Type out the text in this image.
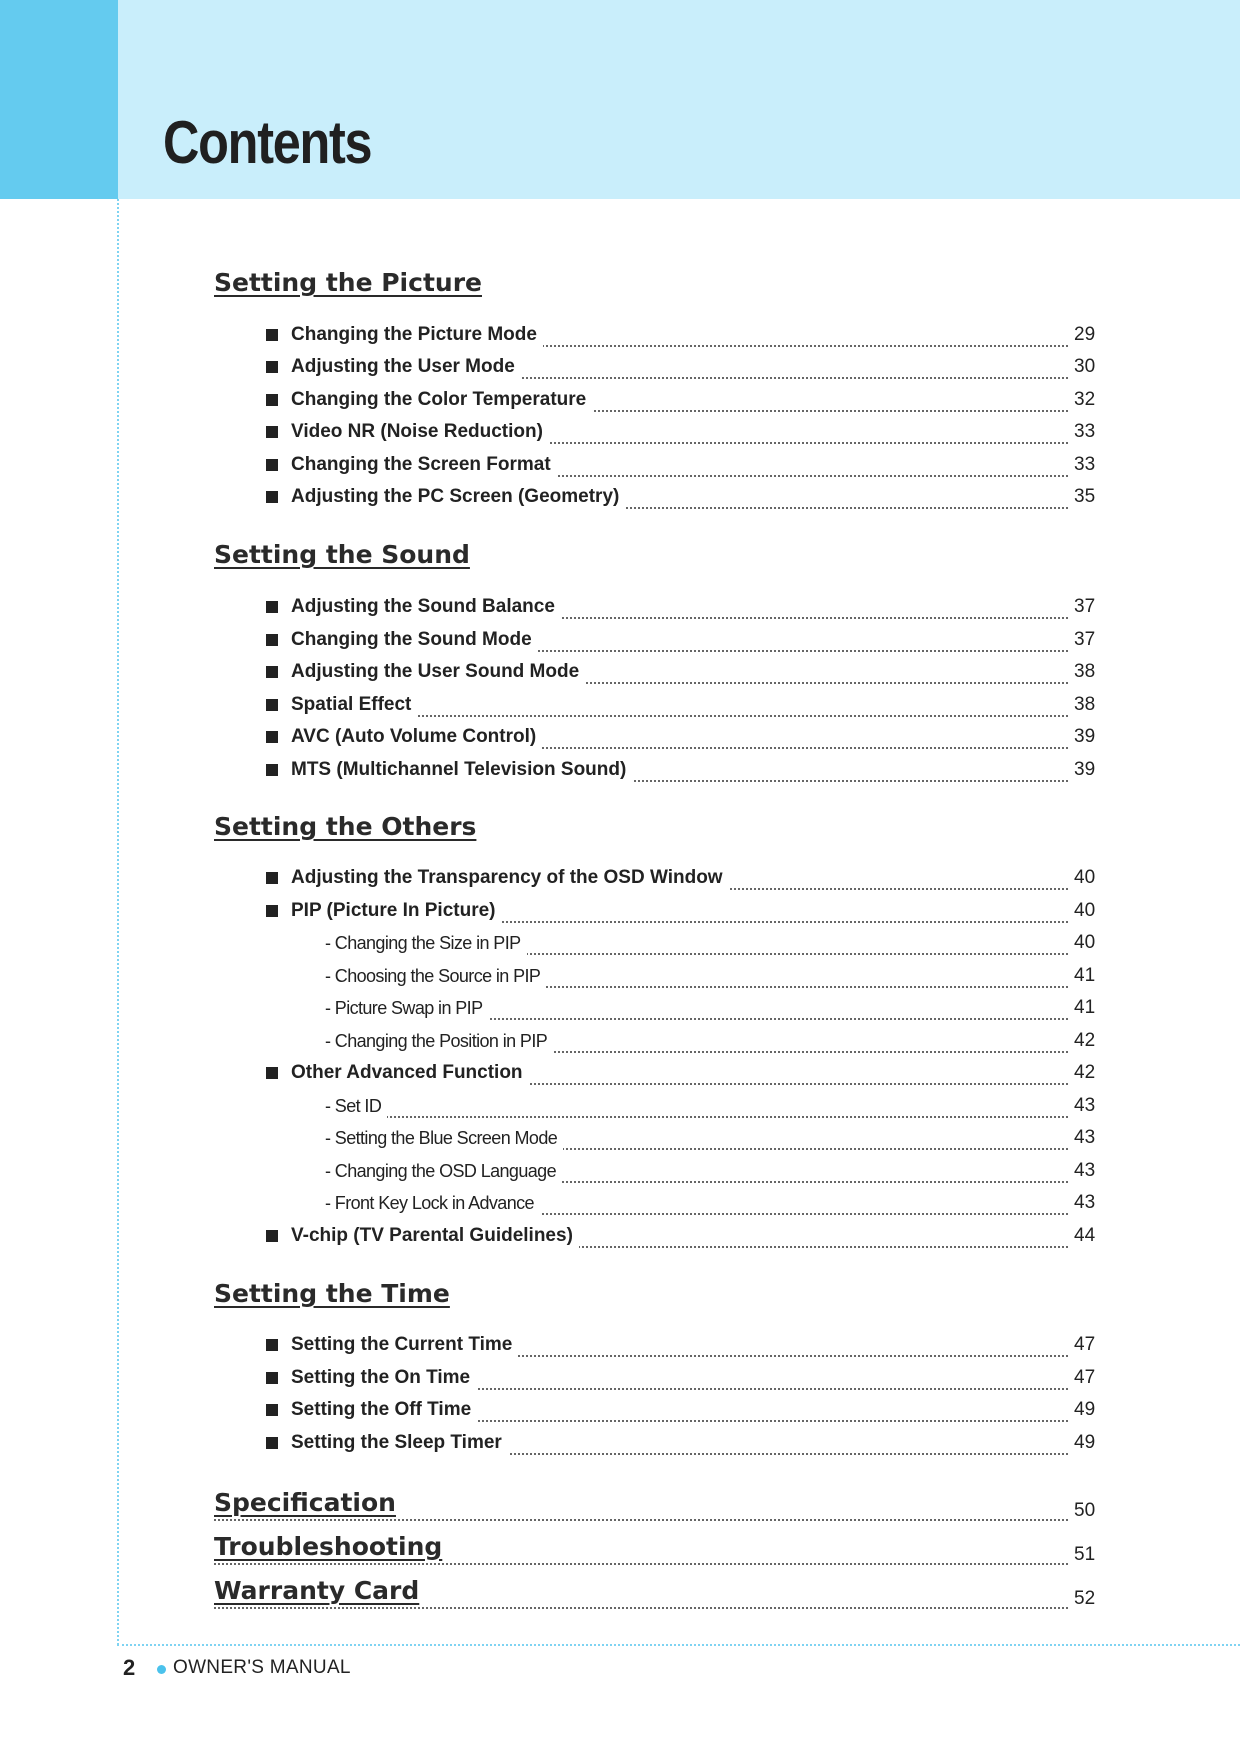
Contents
Setting the Picture
Changing the Picture Mode	29
Adjusting the User Mode	30
Changing the Color Temperature	32
Video NR (Noise Reduction)	33
Changing the Screen Format	33
Adjusting the PC Screen (Geometry)	35
Setting the Sound
Adjusting the Sound Balance	37
Changing the Sound Mode	37
Adjusting the User Sound Mode	38
Spatial Effect	38
AVC (Auto Volume Control)	39
MTS (Multichannel Television Sound)	39
Setting the Others
Adjusting the Transparency of the OSD Window	40
PIP (Picture In Picture)	40
- Changing the Size in PIP	40
- Choosing the Source in PIP	41
- Picture Swap in PIP	41
- Changing the Position in PIP	42
Other Advanced Function	42
- Set ID	43
- Setting the Blue Screen Mode	43
- Changing the OSD Language	43
- Front Key Lock in Advance	43
V-chip (TV Parental Guidelines)	44
Setting the Time
Setting the Current Time	47
Setting the On Time	47
Setting the Off Time	49
Setting the Sleep Timer	49
Specification	50
Troubleshooting	51
Warranty Card	52
2 OWNER'S MANUAL
